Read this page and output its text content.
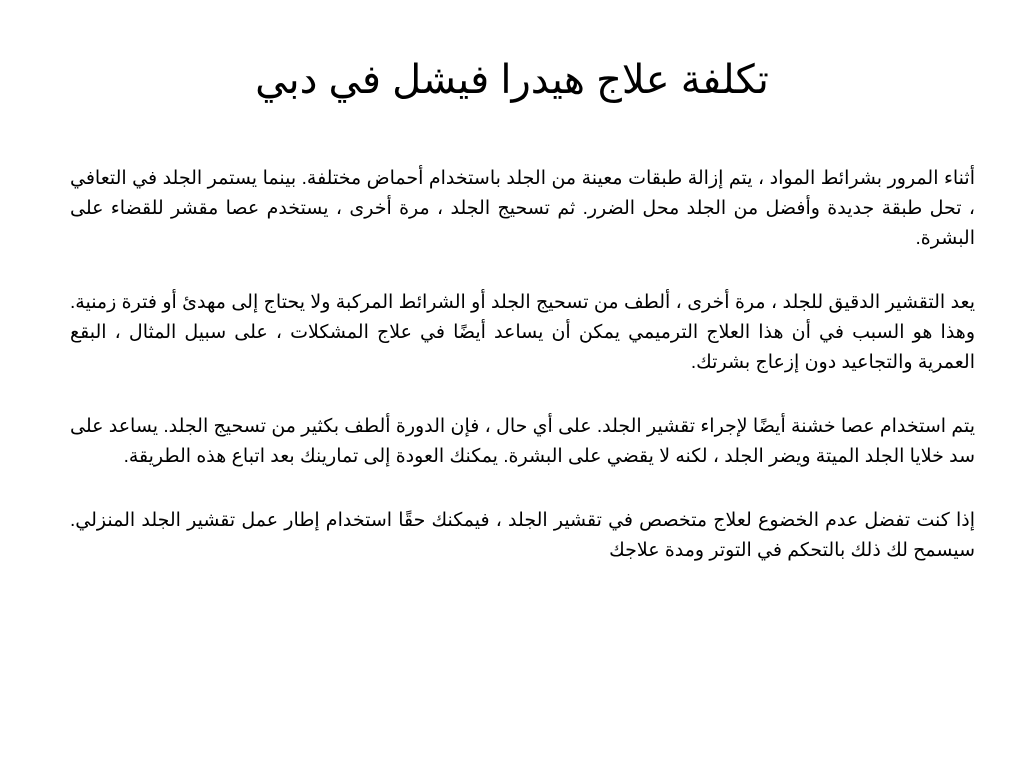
تكلفة علاج هيدرا فيشل في دبي

أثناء المرور بشرائط المواد ، يتم إزالة طبقات معينة من الجلد باستخدام أحماض مختلفة. بينما يستمر الجلد في التعافي ، تحل طبقة جديدة وأفضل من الجلد محل الضرر. ثم تسحيج الجلد ، مرة أخرى ، يستخدم عصا مقشر للقضاء على البشرة.

يعد التقشير الدقيق للجلد ، مرة أخرى ، ألطف من تسحيج الجلد أو الشرائط المركبة ولا يحتاج إلى مهدئ أو فترة زمنية. وهذا هو السبب في أن هذا العلاج الترميمي يمكن أن يساعد أيضًا في علاج المشكلات ، على سبيل المثال ، البقع العمرية والتجاعيد دون إزعاج بشرتك.

يتم استخدام عصا خشنة أيضًا لإجراء تقشير الجلد. على أي حال ، فإن الدورة ألطف بكثير من تسحيج الجلد. يساعد على سد خلايا الجلد الميتة ويضر الجلد ، لكنه لا يقضي على البشرة. يمكنك العودة إلى تمارينك بعد اتباع هذه الطريقة.

إذا كنت تفضل عدم الخضوع لعلاج متخصص في تقشير الجلد ، فيمكنك حقًا استخدام إطار عمل تقشير الجلد المنزلي. سيسمح لك ذلك بالتحكم في التوتر ومدة علاجك
